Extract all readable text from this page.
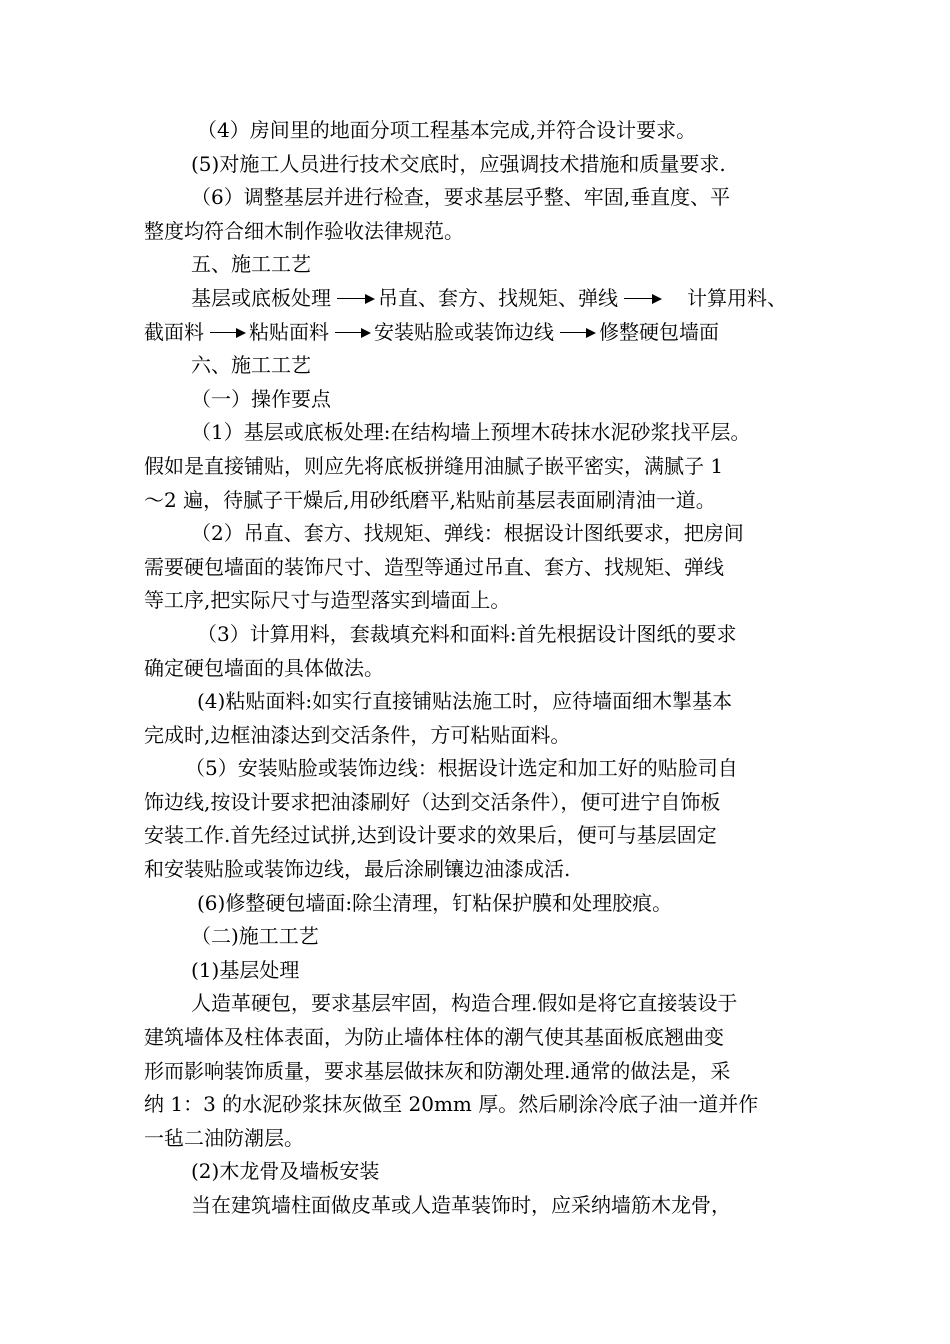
（4）房间里的地面分项工程基本完成,并符合设计要求。
(5)对施工人员进行技术交底时，应强调技术措施和质量要求.
（6）调整基层并进行检查，要求基层乎整、牢固,垂直度、平
整度均符合细木制作验收法律规范。
五、施工工艺
基层或底板处理 吊直、套方、找规矩、弹线	计算用料、
截面料 粘贴面料 安装贴脸或装饰边线 修整硬包墙面
六、施工工艺
（一）操作要点
（1）基层或底板处理:在结构墙上预埋木砖抹水泥砂浆找平层。
假如是直接铺贴，则应先将底板拼缝用油腻子嵌平密实，满腻子 1
～2 遍，待腻子干燥后,用砂纸磨平,粘贴前基层表面刷清油一道。
（2）吊直、套方、找规矩、弹线：根据设计图纸要求，把房间
需要硬包墙面的装饰尺寸、造型等通过吊直、套方、找规矩、弹线
等工序,把实际尺寸与造型落实到墙面上。
（3）计算用料，套裁填充料和面料:首先根据设计图纸的要求
确定硬包墙面的具体做法。
(4)粘贴面料:如实行直接铺贴法施工时，应待墙面细木掣基本
完成时,边框油漆达到交活条件，方可粘贴面料。
（5）安装贴脸或装饰边线：根据设计选定和加工好的贴脸司自
饰边线,按设计要求把油漆刷好（达到交活条件），便可进宁自饰板
安装工作.首先经过试拼,达到设计要求的效果后，便可与基层固定
和安装贴脸或装饰边线，最后涂刷镶边油漆成活.
(6)修整硬包墙面:除尘清理，钉粘保护膜和处理胶痕。
（二)施工工艺
(1)基层处理
人造革硬包，要求基层牢固，构造合理.假如是将它直接装设于
建筑墙体及柱体表面，为防止墙体柱体的潮气使其基面板底翘曲变
形而影响装饰质量，要求基层做抹灰和防潮处理.通常的做法是，采
纳 1：3 的水泥砂浆抹灰做至 20mm 厚。然后刷涂冷底子油一道并作
一毡二油防潮层。
(2)木龙骨及墙板安装
当在建筑墙柱面做皮革或人造革装饰时，应采纳墙筋木龙骨，
